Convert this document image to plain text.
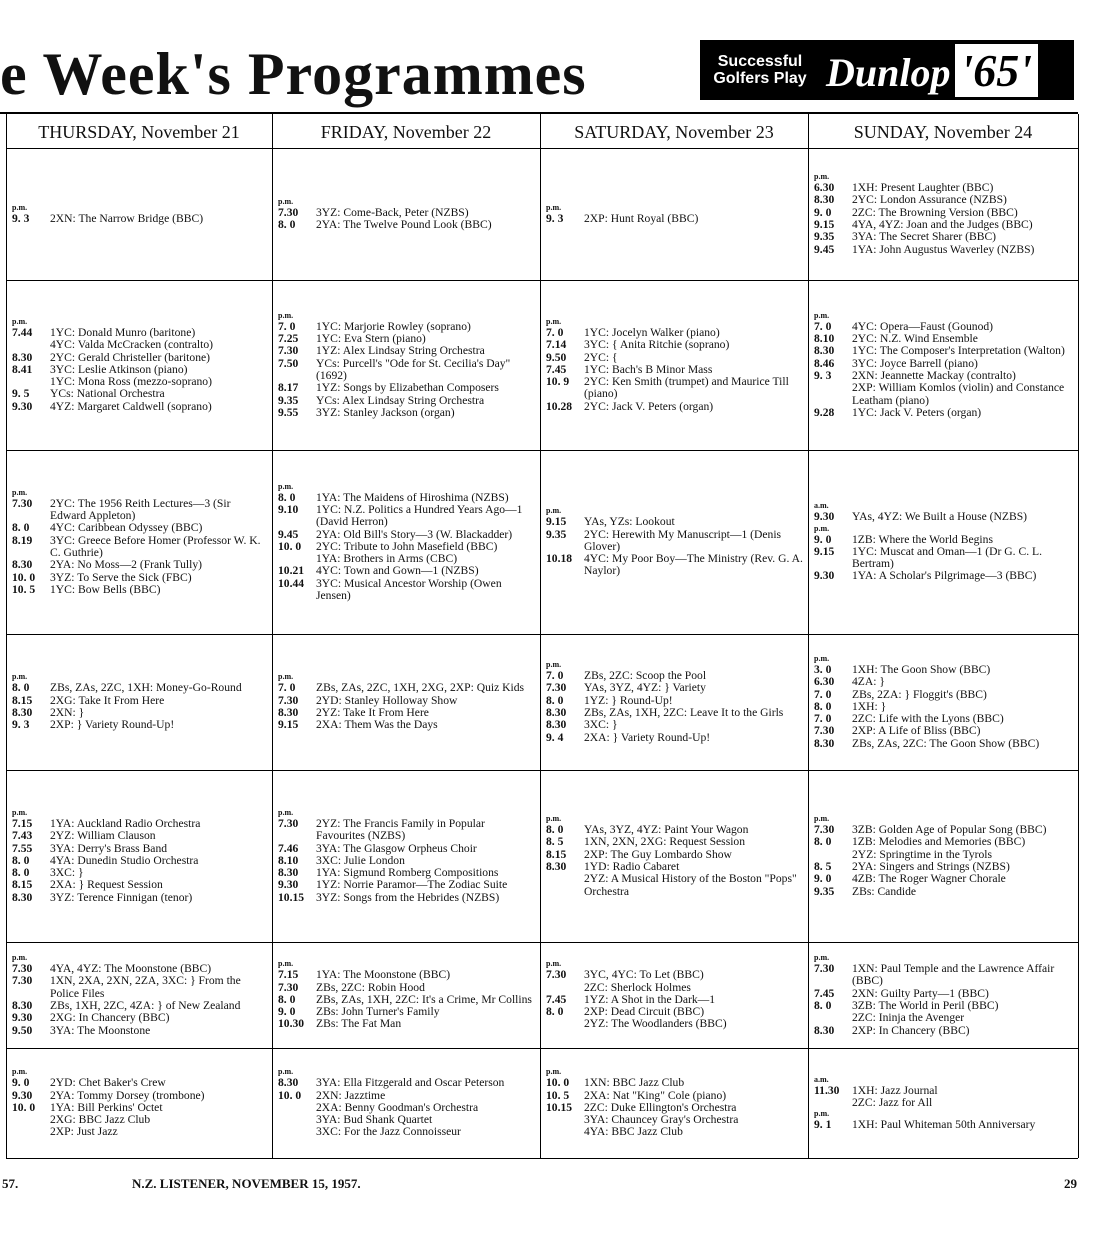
e Week's Programmes	Successful Golfers Play Dunlop '65'
THURSDAY, November 21	FRIDAY, November 22	SATURDAY, November 23	SUNDAY, November 24
p.m.
9. 3	2XN: The Narrow Bridge (BBC)
p.m.
7.30	3YZ: Come-Back, Peter (NZBS)
8. 0	2YA: The Twelve Pound Look (BBC)
p.m.
9. 3	2XP: Hunt Royal (BBC)
p.m.
6.30	1XH: Present Laughter (BBC)
8.30	2YC: London Assurance (NZBS)
9. 0	2ZC: The Browning Version (BBC)
9.15	4YA, 4YZ: Joan and the Judges (BBC)
9.35	3YA: The Secret Sharer (BBC)
9.45	1YA: John Augustus Waverley (NZBS)
p.m.
7.44	1YC: Donald Munro (baritone)
4YC: Valda McCracken (contralto)
8.30	2YC: Gerald Christeller (baritone)
8.41	3YC: Leslie Atkinson (piano)
1YC: Mona Ross (mezzo-soprano)
9. 5	YCs: National Orchestra
9.30	4YZ: Margaret Caldwell (soprano)
p.m.
7. 0	1YC: Marjorie Rowley (soprano)
7.25	1YC: Eva Stern (piano)
7.30	1YZ: Alex Lindsay String Orchestra
7.50	YCs: Purcell's "Ode for St. Cecilia's Day" (1692)
8.17	1YZ: Songs by Elizabethan Composers
9.35	YCs: Alex Lindsay String Orchestra
9.55	3YZ: Stanley Jackson (organ)
p.m.
7. 0	1YC: Jocelyn Walker (piano)
7.14	3YC: { Anita Ritchie (soprano)
9.50	2YC: {
7.45	1YC: Bach's B Minor Mass
10. 9	2YC: Ken Smith (trumpet) and Maurice Till (piano)
10.28	2YC: Jack V. Peters (organ)
p.m.
7. 0	4YC: Opera—Faust (Gounod)
8.10	2YC: N.Z. Wind Ensemble
8.30	1YC: The Composer's Interpretation (Walton)
8.46	3YC: Joyce Barrell (piano)
9. 3	2XN: Jeannette Mackay (contralto)
2XP: William Komlos (violin) and Constance Leatham (piano)
9.28	1YC: Jack V. Peters (organ)
p.m.
7.30	2YC: The 1956 Reith Lectures—3 (Sir Edward Appleton)
8. 0	4YC: Caribbean Odyssey (BBC)
8.19	3YC: Greece Before Homer (Professor W. K. C. Guthrie)
8.30	2YA: No Moss—2 (Frank Tully)
10. 0	3YZ: To Serve the Sick (FBC)
10. 5	1YC: Bow Bells (BBC)
p.m.
8. 0	1YA: The Maidens of Hiroshima (NZBS)
9.10	1YC: N.Z. Politics a Hundred Years Ago—1 (David Herron)
9.45	2YA: Old Bill's Story—3 (W. Blackadder)
10. 0	2YC: Tribute to John Masefield (BBC)
1YA: Brothers in Arms (CBC)
10.21	4YC: Town and Gown—1 (NZBS)
10.44	3YC: Musical Ancestor Worship (Owen Jensen)
p.m.
9.15	YAs, YZs: Lookout
9.35	2YC: Herewith My Manuscript—1 (Denis Glover)
10.18	4YC: My Poor Boy—The Ministry (Rev. G. A. Naylor)
a.m.
9.30	YAs, 4YZ: We Built a House (NZBS)
p.m.
9. 0	1ZB: Where the World Begins
9.15	1YC: Muscat and Oman—1 (Dr G. C. L. Bertram)
9.30	1YA: A Scholar's Pilgrimage—3 (BBC)
p.m.
8. 0	ZBs, ZAs, 2ZC, 1XH: Money-Go-Round
8.15	2XG: Take It From Here
8.30	2XN: }
9. 3	2XP: } Variety Round-Up!
p.m.
7. 0	ZBs, ZAs, 2ZC, 1XH, 2XG, 2XP: Quiz Kids
7.30	2YD: Stanley Holloway Show
8.30	2YZ: Take It From Here
9.15	2XA: Them Was the Days
p.m.
7. 0	ZBs, 2ZC: Scoop the Pool
7.30	YAs, 3YZ, 4YZ: } Variety
8. 0	1YZ: } Round-Up!
8.30	ZBs, ZAs, 1XH, 2ZC: Leave It to the Girls
8.30	3XC: }
9. 4	2XA: } Variety Round-Up!
p.m.
3. 0	1XH: The Goon Show (BBC)
6.30	4ZA: }
7. 0	ZBs, 2ZA: } Floggit's (BBC)
8. 0	1XH: }
7. 0	2ZC: Life with the Lyons (BBC)
7.30	2XP: A Life of Bliss (BBC)
8.30	ZBs, ZAs, 2ZC: The Goon Show (BBC)
p.m.
7.15	1YA: Auckland Radio Orchestra
7.43	2YZ: William Clauson
7.55	3YA: Derry's Brass Band
8. 0	4YA: Dunedin Studio Orchestra
8. 0	3XC: }
8.15	2XA: } Request Session
8.30	3YZ: Terence Finnigan (tenor)
p.m.
7.30	2YZ: The Francis Family in Popular Favourites (NZBS)
7.46	3YA: The Glasgow Orpheus Choir
8.10	3XC: Julie London
8.30	1YA: Sigmund Romberg Compositions
9.30	1YZ: Norrie Paramor—The Zodiac Suite
10.15	3YZ: Songs from the Hebrides (NZBS)
p.m.
8. 0	YAs, 3YZ, 4YZ: Paint Your Wagon
8. 5	1XN, 2XN, 2XG: Request Session
8.15	2XP: The Guy Lombardo Show
8.30	1YD: Radio Cabaret
2YZ: A Musical History of the Boston "Pops" Orchestra
p.m.
7.30	3ZB: Golden Age of Popular Song (BBC)
8. 0	1ZB: Melodies and Memories (BBC)
2YZ: Springtime in the Tyrols
8. 5	2YA: Singers and Strings (NZBS)
9. 0	4ZB: The Roger Wagner Chorale
9.35	ZBs: Candide
p.m.
7.30	4YA, 4YZ: The Moonstone (BBC)
7.30	1XN, 2XA, 2XN, 2ZA, 3XC: } From the Police Files
8.30	ZBs, 1XH, 2ZC, 4ZA: } of New Zealand
9.30	2XG: In Chancery (BBC)
9.50	3YA: The Moonstone
p.m.
7.15	1YA: The Moonstone (BBC)
7.30	ZBs, 2ZC: Robin Hood
8. 0	ZBs, ZAs, 1XH, 2ZC: It's a Crime, Mr Collins
9. 0	ZBs: John Turner's Family
10.30	ZBs: The Fat Man
p.m.
7.30	3YC, 4YC: To Let (BBC)
2ZC: Sherlock Holmes
7.45	1YZ: A Shot in the Dark—1
8. 0	2XP: Dead Circuit (BBC)
2YZ: The Woodlanders (BBC)
p.m.
7.30	1XN: Paul Temple and the Lawrence Affair (BBC)
7.45	2XN: Guilty Party—1 (BBC)
8. 0	3ZB: The World in Peril (BBC)
2ZC: Ininja the Avenger
8.30	2XP: In Chancery (BBC)
p.m.
9. 0	2YD: Chet Baker's Crew
9.30	2YA: Tommy Dorsey (trombone)
10. 0	1YA: Bill Perkins' Octet
2XG: BBC Jazz Club
2XP: Just Jazz
p.m.
8.30	3YA: Ella Fitzgerald and Oscar Peterson
10. 0	2XN: Jazztime
2XA: Benny Goodman's Orchestra
3YA: Bud Shank Quartet
3XC: For the Jazz Connoisseur
p.m.
10. 0	1XN: BBC Jazz Club
10. 5	2XA: Nat "King" Cole (piano)
10.15	2ZC: Duke Ellington's Orchestra
3YA: Chauncey Gray's Orchestra
4YA: BBC Jazz Club
a.m.
11.30	1XH: Jazz Journal
2ZC: Jazz for All
p.m.
9. 1	1XH: Paul Whiteman 50th Anniversary
57.	N.Z. LISTENER, NOVEMBER 15, 1957.	29
